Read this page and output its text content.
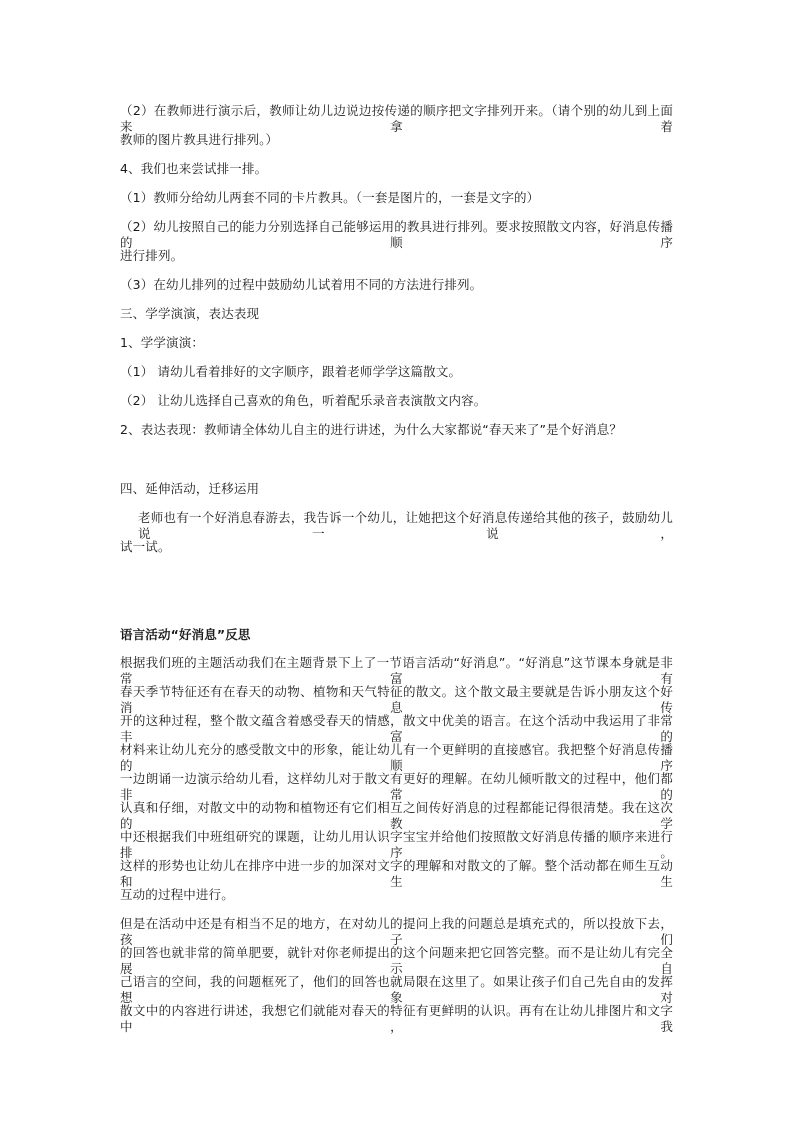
（2）在教师进行演示后，教师让幼儿边说边按传递的顺序把文字排列开来。（请个别的幼儿到上面来拿着
教师的图片教具进行排列。）
4、我们也来尝试排一排。
（1）教师分给幼儿两套不同的卡片教具。（一套是图片的，一套是文字的）
（2）幼儿按照自己的能力分别选择自己能够运用的教具进行排列。要求按照散文内容，好消息传播的顺序
进行排列。
（3）在幼儿排列的过程中鼓励幼儿试着用不同的方法进行排列。
三、学学演演，表达表现
1、学学演演：
（1） 请幼儿看着排好的文字顺序，跟着老师学学这篇散文。
（2） 让幼儿选择自己喜欢的角色，听着配乐录音表演散文内容。
2、表达表现：教师请全体幼儿自主的进行讲述，为什么大家都说“春天来了”是个好消息？
四、延伸活动，迁移运用
老师也有一个好消息春游去，我告诉一个幼儿，让她把这个好消息传递给其他的孩子，鼓励幼儿说一说，
试一试。
语言活动“好消息”反思
根据我们班的主题活动我们在主题背景下上了一节语言活动“好消息”。“好消息”这节课本身就是非常富有
春天季节特征还有在春天的动物、植物和天气特征的散文。这个散文最主要就是告诉小朋友这个好消息传
开的这种过程，整个散文蕴含着感受春天的情感，散文中优美的语言。在这个活动中我运用了非常丰富的
材料来让幼儿充分的感受散文中的形象，能让幼儿有一个更鲜明的直接感官。我把整个好消息传播的顺序
一边朗诵一边演示给幼儿看，这样幼儿对于散文有更好的理解。在幼儿倾听散文的过程中，他们都非常的
认真和仔细，对散文中的动物和植物还有它们相互之间传好消息的过程都能记得很清楚。我在这次的教学
中还根据我们中班组研究的课题，让幼儿用认识字宝宝并给他们按照散文好消息传播的顺序来进行排序。
这样的形势也让幼儿在排序中进一步的加深对文字的理解和对散文的了解。整个活动都在师生互动和生生
互动的过程中进行。
但是在活动中还是有相当不足的地方，在对幼儿的提问上我的问题总是填充式的，所以投放下去，孩子们
的回答也就非常的简单肥要，就针对你老师提出的这个问题来把它回答完整。而不是让幼儿有完全展示自
己语言的空间，我的问题框死了，他们的回答也就局限在这里了。如果让孩子们自己先自由的发挥想象对
散文中的内容进行讲述，我想它们就能对春天的特征有更鲜明的认识。再有在让幼儿排图片和文字中，我
